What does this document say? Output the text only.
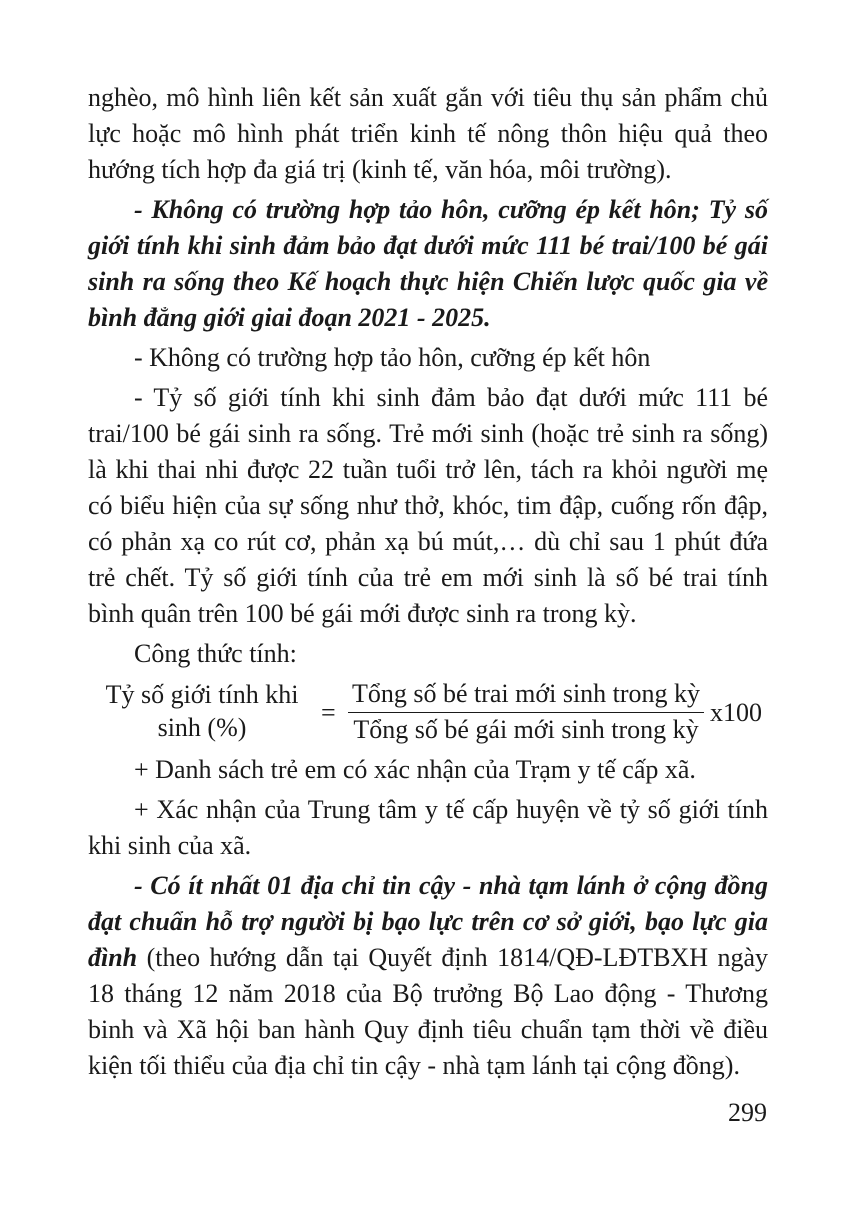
nghèo, mô hình liên kết sản xuất gắn với tiêu thụ sản phẩm chủ lực hoặc mô hình phát triển kinh tế nông thôn hiệu quả theo hướng tích hợp đa giá trị (kinh tế, văn hóa, môi trường).

- Không có trường hợp tảo hôn, cưỡng ép kết hôn; Tỷ số giới tính khi sinh đảm bảo đạt dưới mức 111 bé trai/100 bé gái sinh ra sống theo Kế hoạch thực hiện Chiến lược quốc gia về bình đẳng giới giai đoạn 2021 - 2025.

- Không có trường hợp tảo hôn, cưỡng ép kết hôn

- Tỷ số giới tính khi sinh đảm bảo đạt dưới mức 111 bé trai/100 bé gái sinh ra sống. Trẻ mới sinh (hoặc trẻ sinh ra sống) là khi thai nhi được 22 tuần tuổi trở lên, tách ra khỏi người mẹ có biểu hiện của sự sống như thở, khóc, tim đập, cuống rốn đập, có phản xạ co rút cơ, phản xạ bú mút,… dù chỉ sau 1 phút đứa trẻ chết. Tỷ số giới tính của trẻ em mới sinh là số bé trai tính bình quân trên 100 bé gái mới được sinh ra trong kỳ.

Công thức tính:

Tỷ số giới tính khi
sinh (%)
=
Tổng số bé trai mới sinh trong kỳ
Tổng số bé gái mới sinh trong kỳ
x100

+ Danh sách trẻ em có xác nhận của Trạm y tế cấp xã.

+ Xác nhận của Trung tâm y tế cấp huyện về tỷ số giới tính khi sinh của xã.

- Có ít nhất 01 địa chỉ tin cậy - nhà tạm lánh ở cộng đồng đạt chuẩn hỗ trợ người bị bạo lực trên cơ sở giới, bạo lực gia đình (theo hướng dẫn tại Quyết định 1814/QĐ-LĐTBXH ngày 18 tháng 12 năm 2018 của Bộ trưởng Bộ Lao động - Thương binh và Xã hội ban hành Quy định tiêu chuẩn tạm thời về điều kiện tối thiểu của địa chỉ tin cậy - nhà tạm lánh tại cộng đồng).

299
